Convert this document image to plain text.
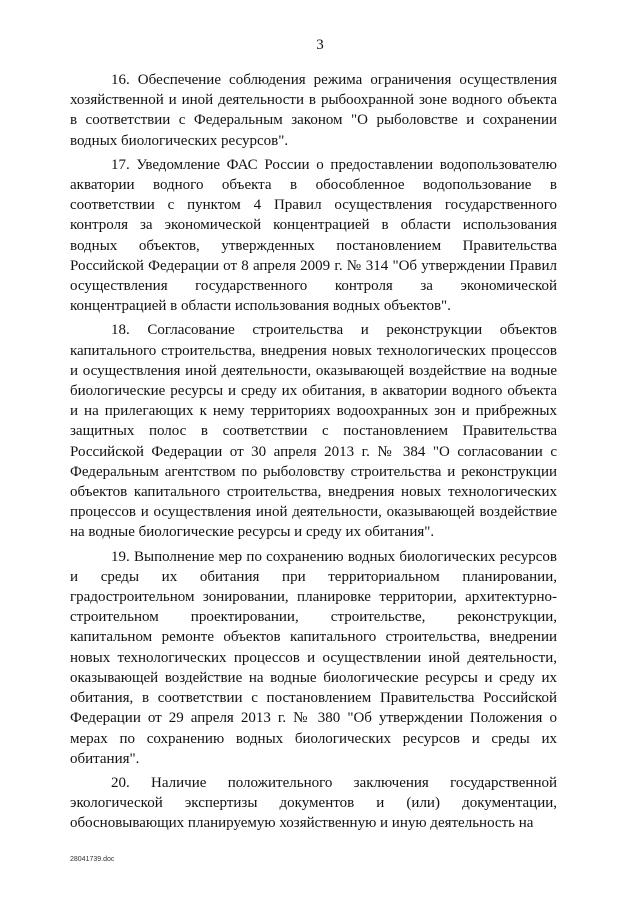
3

16. Обеспечение соблюдения режима ограничения осуществления хозяйственной и иной деятельности в рыбоохранной зоне водного объекта в соответствии с Федеральным законом "О рыболовстве и сохранении водных биологических ресурсов".

17. Уведомление ФАС России о предоставлении водопользователю акватории водного объекта в обособленное водопользование в соответствии с пунктом 4 Правил осуществления государственного контроля за экономической концентрацией в области использования водных объектов, утвержденных постановлением Правительства Российской Федерации от 8 апреля 2009 г. № 314 "Об утверждении Правил осуществления государственного контроля за экономической концентрацией в области использования водных объектов".

18. Согласование строительства и реконструкции объектов капитального строительства, внедрения новых технологических процессов и осуществления иной деятельности, оказывающей воздействие на водные биологические ресурсы и среду их обитания, в акватории водного объекта и на прилегающих к нему территориях водоохранных зон и прибрежных защитных полос в соответствии с постановлением Правительства Российской Федерации от 30 апреля 2013 г. № 384 "О согласовании с Федеральным агентством по рыболовству строительства и реконструкции объектов капитального строительства, внедрения новых технологических процессов и осуществления иной деятельности, оказывающей воздействие на водные биологические ресурсы и среду их обитания".

19. Выполнение мер по сохранению водных биологических ресурсов и среды их обитания при территориальном планировании, градостроительном зонировании, планировке территории, архитектурно-строительном проектировании, строительстве, реконструкции, капитальном ремонте объектов капитального строительства, внедрении новых технологических процессов и осуществлении иной деятельности, оказывающей воздействие на водные биологические ресурсы и среду их обитания, в соответствии с постановлением Правительства Российской Федерации от 29 апреля 2013 г. № 380 "Об утверждении Положения о мерах по сохранению водных биологических ресурсов и среды их обитания".

20. Наличие положительного заключения государственной экологической экспертизы документов и (или) документации, обосновывающих планируемую хозяйственную и иную деятельность на

28041739.doc
